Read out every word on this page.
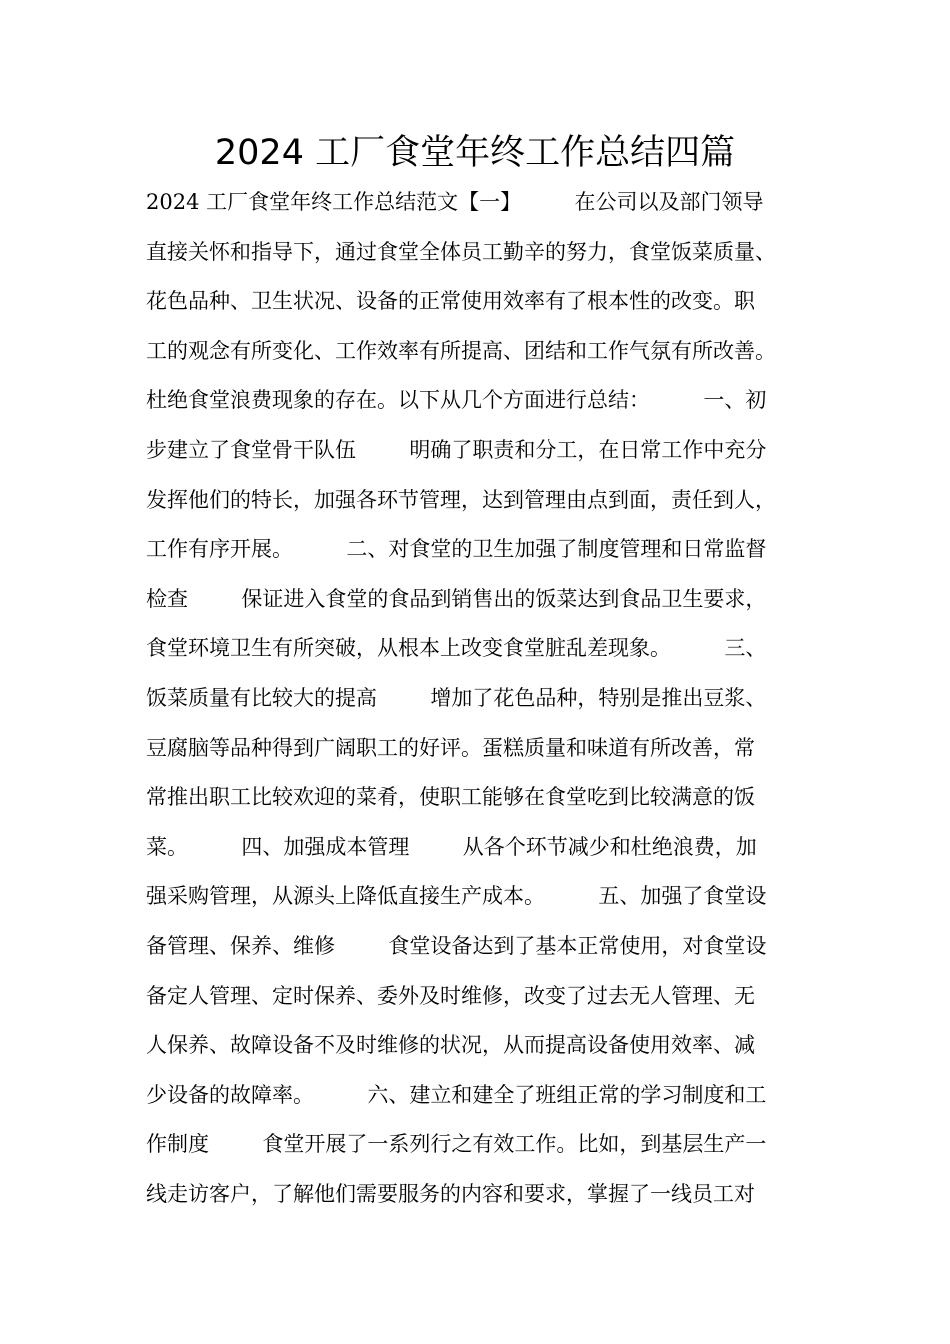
2024 工厂食堂年终工作总结四篇
2024 工厂食堂年终工作总结范文【一】        在公司以及部门领导
直接关怀和指导下，通过食堂全体员工勤辛的努力，食堂饭菜质量、
花色品种、卫生状况、设备的正常使用效率有了根本性的改变。职
工的观念有所变化、工作效率有所提高、团结和工作气氛有所改善。
杜绝食堂浪费现象的存在。以下从几个方面进行总结：        一、初
步建立了食堂骨干队伍        明确了职责和分工，在日常工作中充分
发挥他们的特长，加强各环节管理，达到管理由点到面，责任到人，
工作有序开展。        二、对食堂的卫生加强了制度管理和日常监督
检查        保证进入食堂的食品到销售出的饭菜达到食品卫生要求，
食堂环境卫生有所突破，从根本上改变食堂脏乱差现象。        三、
饭菜质量有比较大的提高        增加了花色品种，特别是推出豆浆、
豆腐脑等品种得到广阔职工的好评。蛋糕质量和味道有所改善，常
常推出职工比较欢迎的菜肴，使职工能够在食堂吃到比较满意的饭
菜。        四、加强成本管理        从各个环节减少和杜绝浪费，加
强采购管理，从源头上降低直接生产成本。        五、加强了食堂设
备管理、保养、维修        食堂设备达到了基本正常使用，对食堂设
备定人管理、定时保养、委外及时维修，改变了过去无人管理、无
人保养、故障设备不及时维修的状况，从而提高设备使用效率、减
少设备的故障率。        六、建立和建全了班组正常的学习制度和工
作制度        食堂开展了一系列行之有效工作。比如，到基层生产一
线走访客户，了解他们需要服务的内容和要求，掌握了一线员工对
